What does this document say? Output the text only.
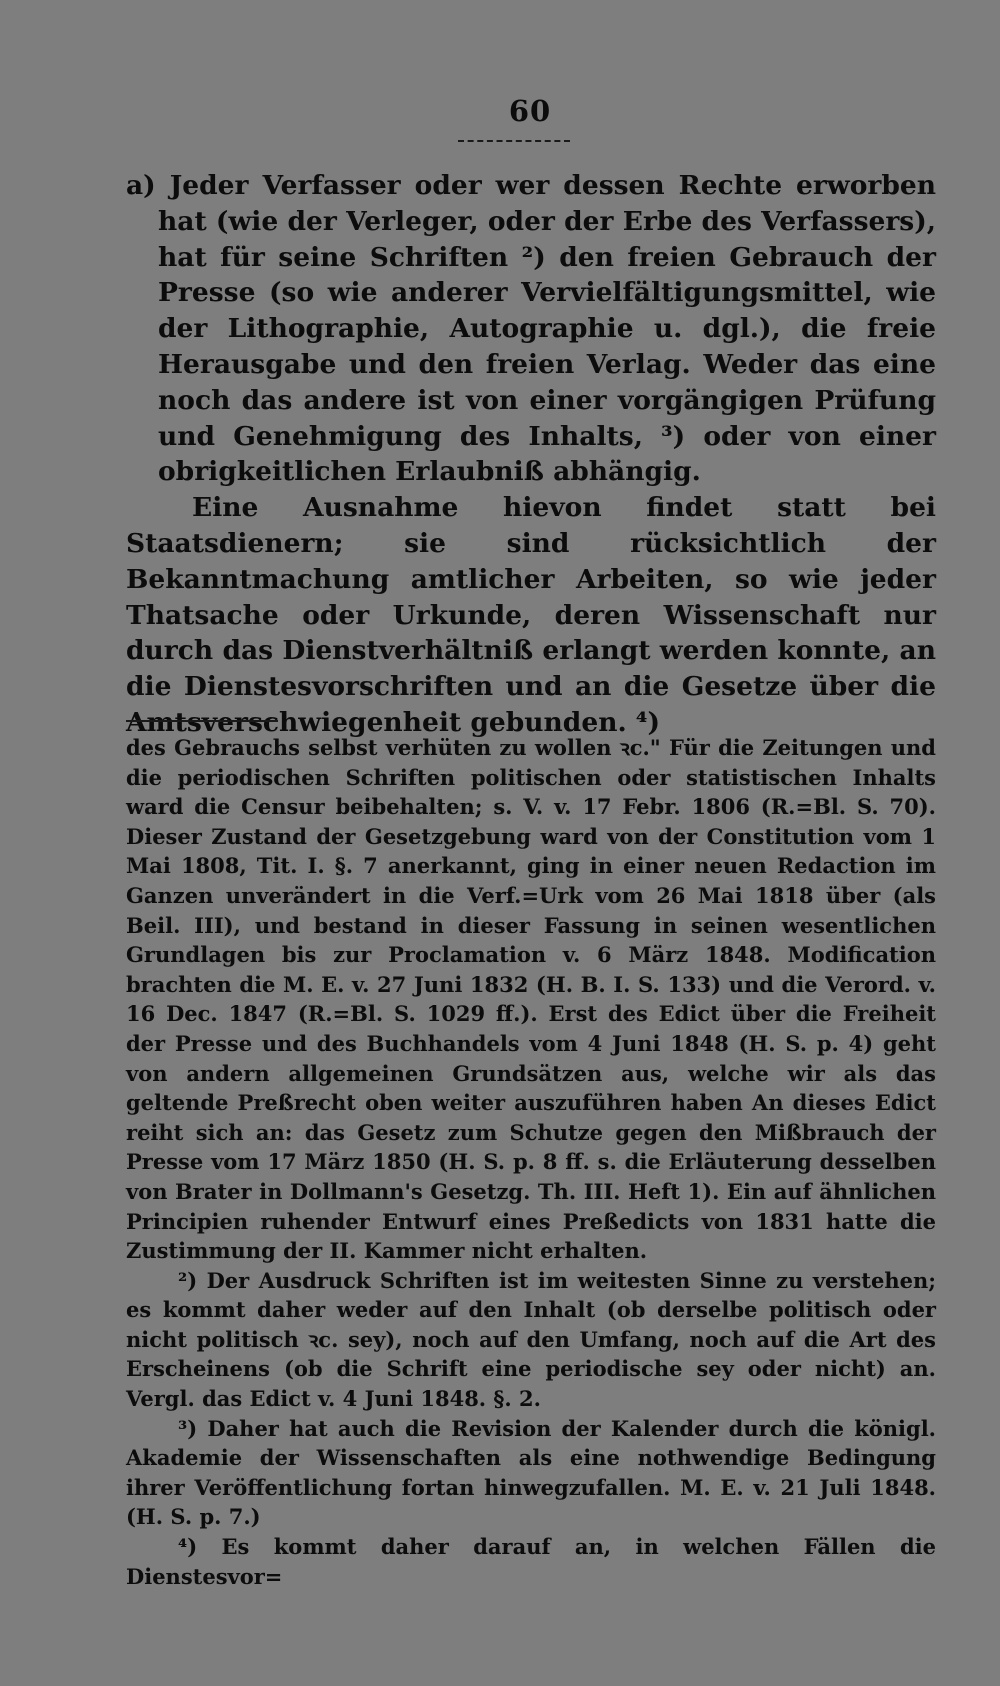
60

a) Jeder Verfasser oder wer dessen Rechte erworben hat (wie der Verleger, oder der Erbe des Verfassers), hat für seine Schriften ²) den freien Gebrauch der Presse (so wie anderer Vervielfältigungsmittel, wie der Lithographie, Autographie u. dgl.), die freie Herausgabe und den freien Verlag. Weder das eine noch das andere ist von einer vorgängigen Prüfung und Genehmigung des Inhalts, ³) oder von einer obrigkeitlichen Erlaubniß abhängig.

Eine Ausnahme hievon findet statt bei Staatsdienern; sie sind rücksichtlich der Bekanntmachung amtlicher Arbeiten, so wie jeder Thatsache oder Urkunde, deren Wissenschaft nur durch das Dienstverhältniß erlangt werden konnte, an die Dienstesvorschriften und an die Gesetze über die Amtsverschwiegenheit gebunden. ⁴)

des Gebrauchs selbst verhüten zu wollen ꝛc." Für die Zeitungen und die periodischen Schriften politischen oder statistischen Inhalts ward die Censur beibehalten; s. V. v. 17 Febr. 1806 (R.=Bl. S. 70). Dieser Zustand der Gesetzgebung ward von der Constitution vom 1 Mai 1808, Tit. I. §. 7 anerkannt, ging in einer neuen Redaction im Ganzen unverändert in die Verf.=Urk vom 26 Mai 1818 über (als Beil. III), und bestand in dieser Fassung in seinen wesentlichen Grundlagen bis zur Proclamation v. 6 März 1848. Modification brachten die M. E. v. 27 Juni 1832 (H. B. I. S. 133) und die Verord. v. 16 Dec. 1847 (R.=Bl. S. 1029 ff.). Erst des Edict über die Freiheit der Presse und des Buchhandels vom 4 Juni 1848 (H. S. p. 4) geht von andern allgemeinen Grundsätzen aus, welche wir als das geltende Preßrecht oben weiter auszuführen haben An dieses Edict reiht sich an: das Gesetz zum Schutze gegen den Mißbrauch der Presse vom 17 März 1850 (H. S. p. 8 ff. s. die Erläuterung desselben von Brater in Dollmann's Gesetzg. Th. III. Heft 1). Ein auf ähnlichen Principien ruhender Entwurf eines Preßedicts von 1831 hatte die Zustimmung der II. Kammer nicht erhalten.

²) Der Ausdruck Schriften ist im weitesten Sinne zu verstehen; es kommt daher weder auf den Inhalt (ob derselbe politisch oder nicht politisch ꝛc. sey), noch auf den Umfang, noch auf die Art des Erscheinens (ob die Schrift eine periodische sey oder nicht) an. Vergl. das Edict v. 4 Juni 1848. §. 2.

³) Daher hat auch die Revision der Kalender durch die königl. Akademie der Wissenschaften als eine nothwendige Bedingung ihrer Veröffentlichung fortan hinwegzufallen. M. E. v. 21 Juli 1848. (H. S. p. 7.)

⁴) Es kommt daher darauf an, in welchen Fällen die Dienstesvor=
